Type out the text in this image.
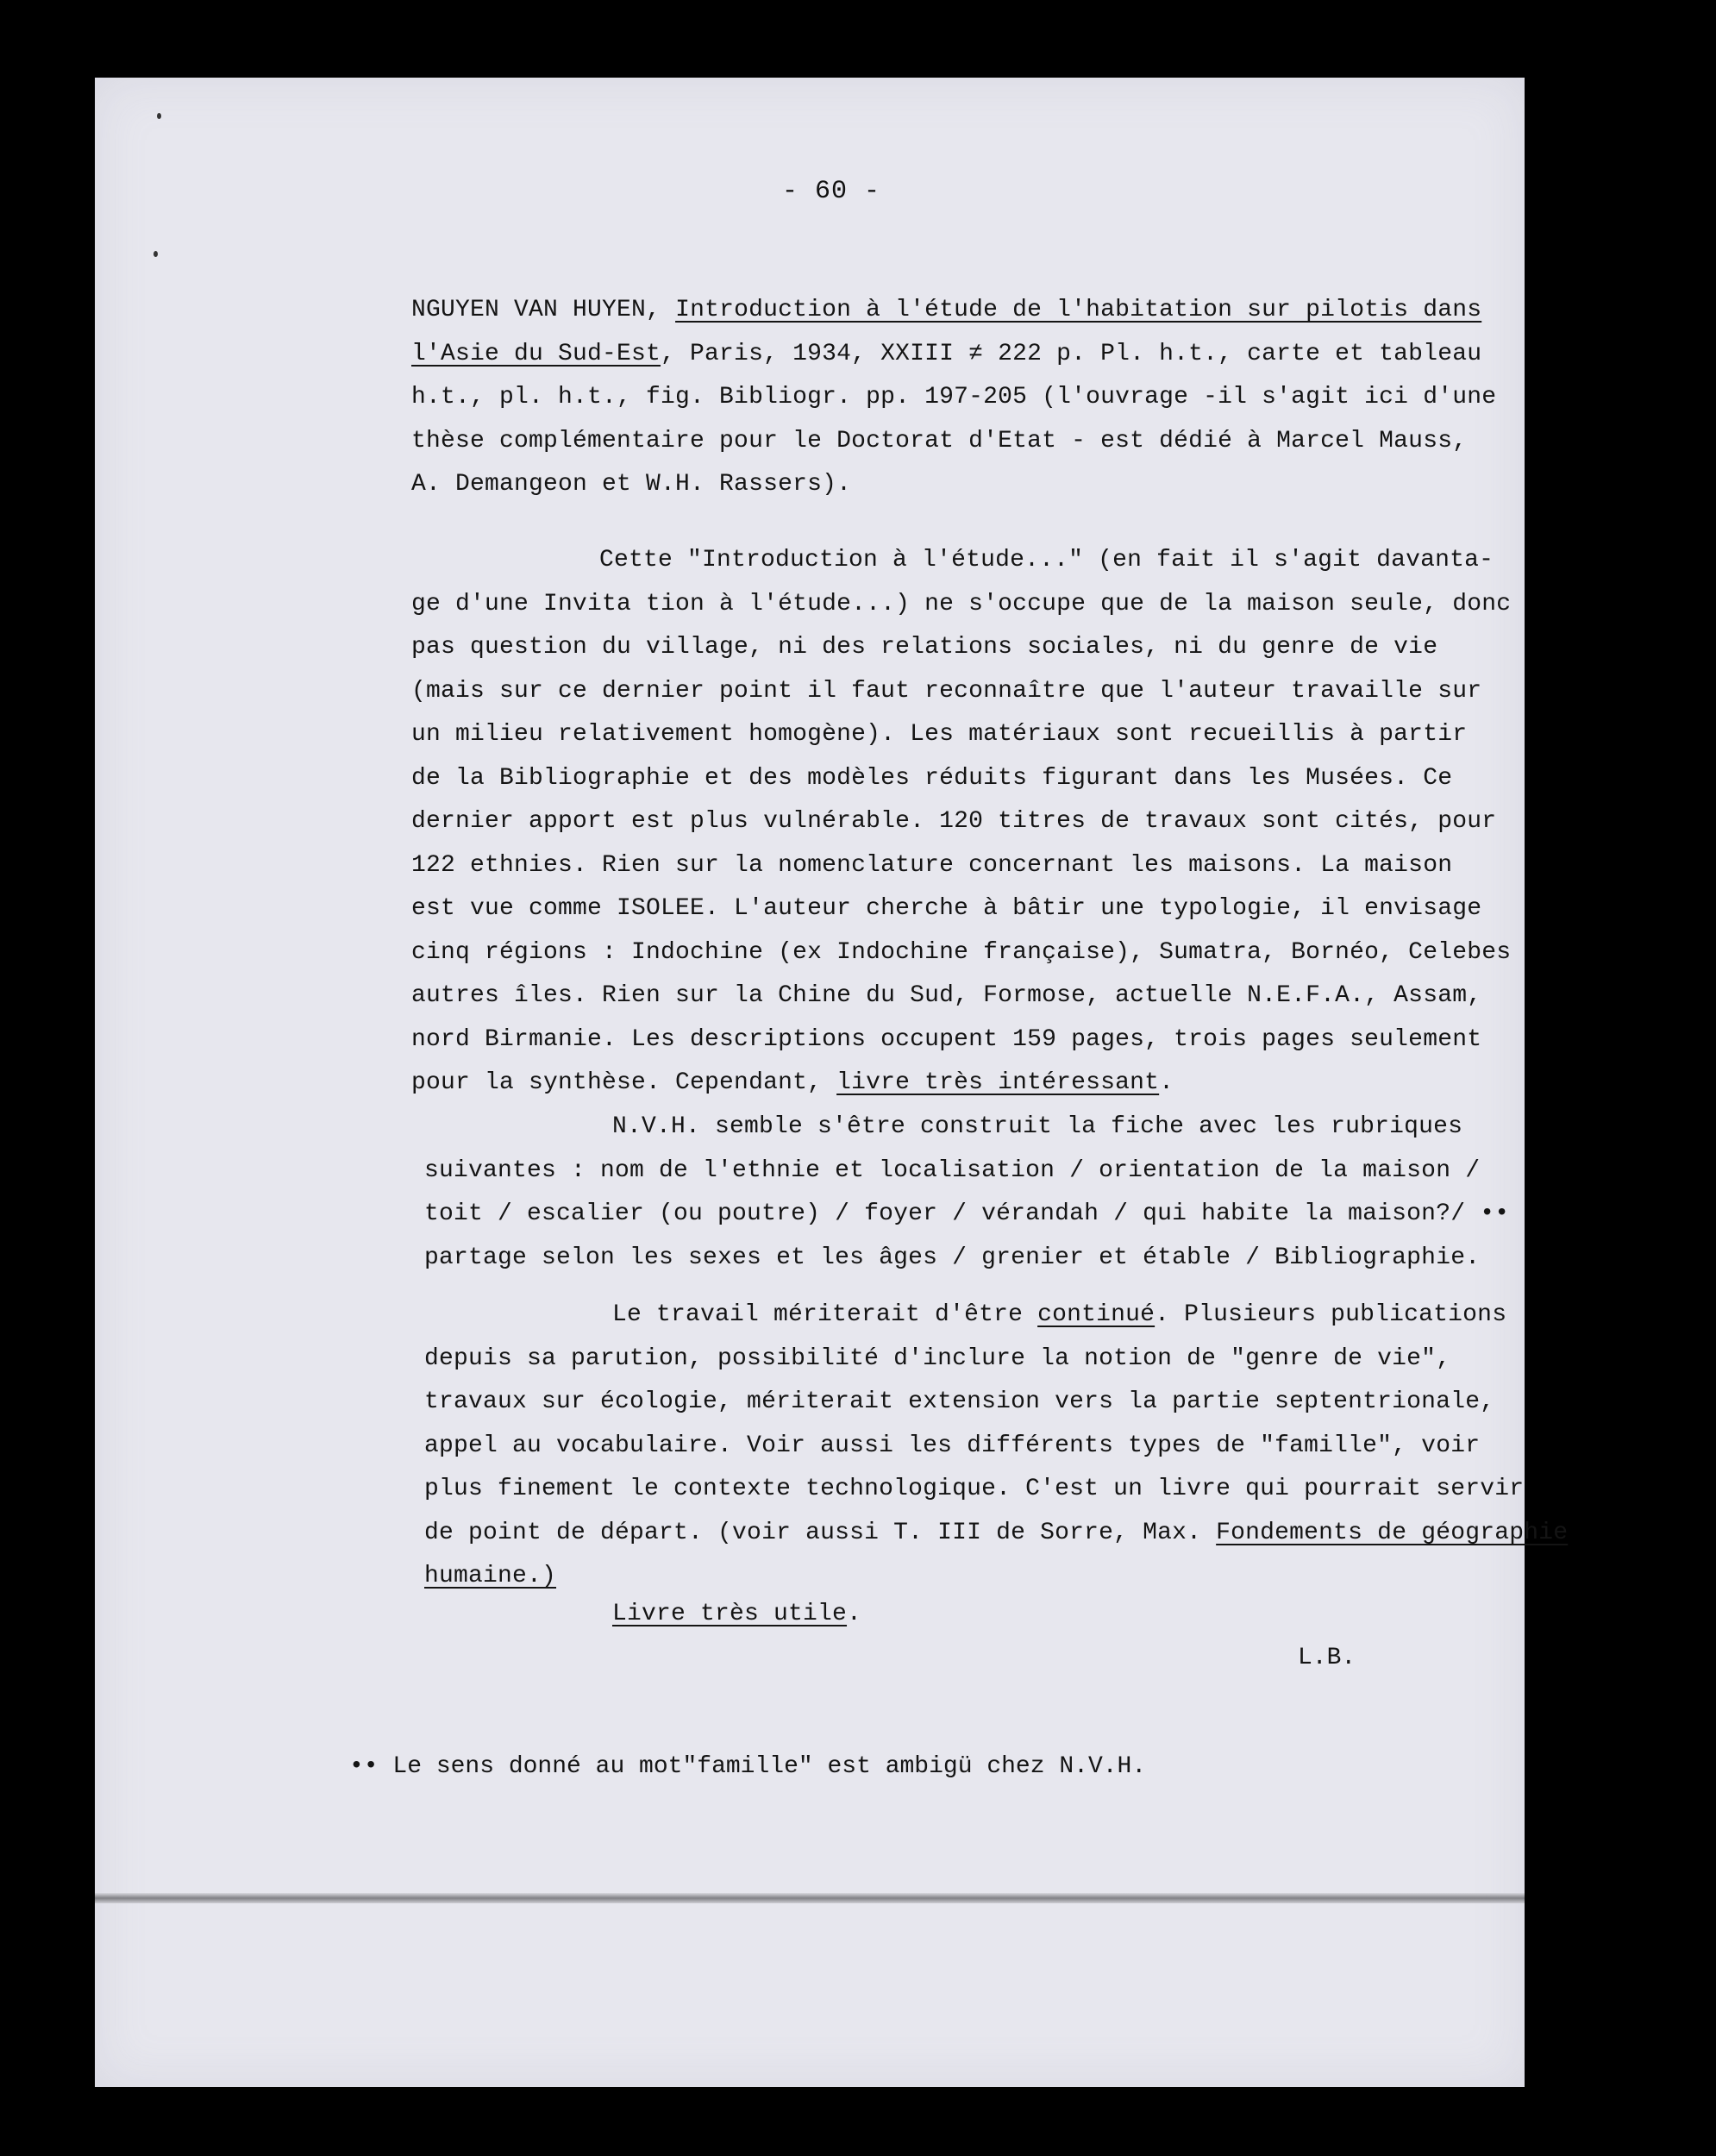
- 60 -
NGUYEN VAN HUYEN, Introduction à l'étude de l'habitation sur pilotis dans
l'Asie du Sud-Est, Paris, 1934, XXIII ≠ 222 p. Pl. h.t., carte et tableau
h.t., pl. h.t., fig. Bibliogr. pp. 197-205 (l'ouvrage -il s'agit ici d'une
thèse complémentaire pour le Doctorat d'Etat - est dédié à Marcel Mauss,
A. Demangeon et W.H. Rassers).
Cette "Introduction à l'étude..." (en fait il s'agit davanta-
ge d'une Invita tion à l'étude...) ne s'occupe que de la maison seule, donc
pas question du village, ni des relations sociales, ni du genre de vie
(mais sur ce dernier point il faut reconnaître que l'auteur travaille sur
un milieu relativement homogène). Les matériaux sont recueillis à partir
de la Bibliographie et des modèles réduits figurant dans les Musées. Ce
dernier apport est plus vulnérable. 120 titres de travaux sont cités, pour
122 ethnies. Rien sur la nomenclature concernant les maisons. La maison
est vue comme ISOLEE. L'auteur cherche à bâtir une typologie, il envisage
cinq régions : Indochine (ex Indochine française), Sumatra, Bornéo, Celebes
autres îles. Rien sur la Chine du Sud, Formose, actuelle N.E.F.A., Assam,
nord Birmanie. Les descriptions occupent 159 pages, trois pages seulement
pour la synthèse. Cependant, livre très intéressant.
N.V.H. semble s'être construit la fiche avec les rubriques
suivantes : nom de l'ethnie et localisation / orientation de la maison /
toit / escalier (ou poutre) / foyer / vérandah / qui habite la maison?/ ••
partage selon les sexes et les âges / grenier et étable / Bibliographie.
Le travail mériterait d'être continué. Plusieurs publications
depuis sa parution, possibilité d'inclure la notion de "genre de vie",
travaux sur écologie, mériterait extension vers la partie septentrionale,
appel au vocabulaire. Voir aussi les différents types de "famille", voir
plus finement le contexte technologique. C'est un livre qui pourrait servir
de point de départ. (voir aussi T. III de Sorre, Max. Fondements de géographie
humaine.)
Livre très utile.
L.B.
•• Le sens donné au mot"famille" est ambigü chez N.V.H.
